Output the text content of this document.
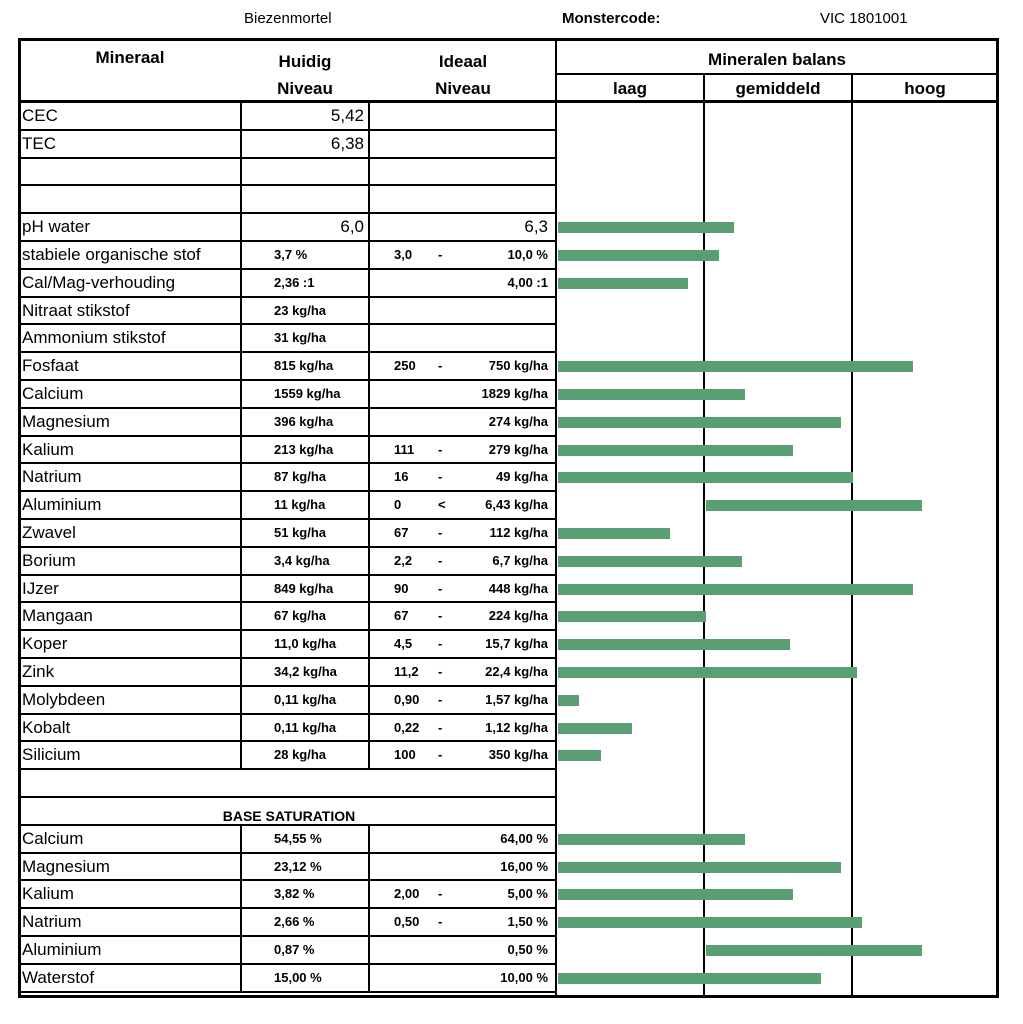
Biezenmortel	Monstercode:	VIC 1801001
Mineraal	Huidig
Niveau
Ideaal
Niveau
Mineralen balans
laag	gemiddeld	hoog
CEC	5,42
TEC	6,38
pH water	6,0	6,3
stabiele organische stof	3,7 %	3,0 -	10,0 %
Cal/Mag-verhouding	2,36 :1	4,00 :1
Nitraat stikstof	23 kg/ha
Ammonium stikstof	31 kg/ha
Fosfaat	815 kg/ha	250 -	750 kg/ha
Calcium	1559 kg/ha	1829 kg/ha
Magnesium	396 kg/ha	274 kg/ha
Kalium	213 kg/ha	111 -	279 kg/ha
Natrium	87 kg/ha	16 -	49 kg/ha
Aluminium	11 kg/ha	0	<	6,43 kg/ha
Zwavel	51 kg/ha	67 -	112 kg/ha
Borium	3,4 kg/ha	2,2 -	6,7 kg/ha
IJzer	849 kg/ha	90 -	448 kg/ha
Mangaan	67 kg/ha	67 -	224 kg/ha
Koper	11,0 kg/ha	4,5 -	15,7 kg/ha
Zink	34,2 kg/ha	11,2 -	22,4 kg/ha
Molybdeen	0,11 kg/ha	0,90 -	1,57 kg/ha
Kobalt	0,11 kg/ha	0,22 -	1,12 kg/ha
Silicium	28 kg/ha	100 -	350 kg/ha
Calcium	54,55 %	64,00 %
Magnesium	23,12 %	16,00 %
Kalium	3,82 %	2,00 -	5,00 %
Natrium	2,66 %	0,50 -	1,50 %
Aluminium	0,87 %	0,50 %
Waterstof	15,00 %	10,00 %
BASE SATURATION
